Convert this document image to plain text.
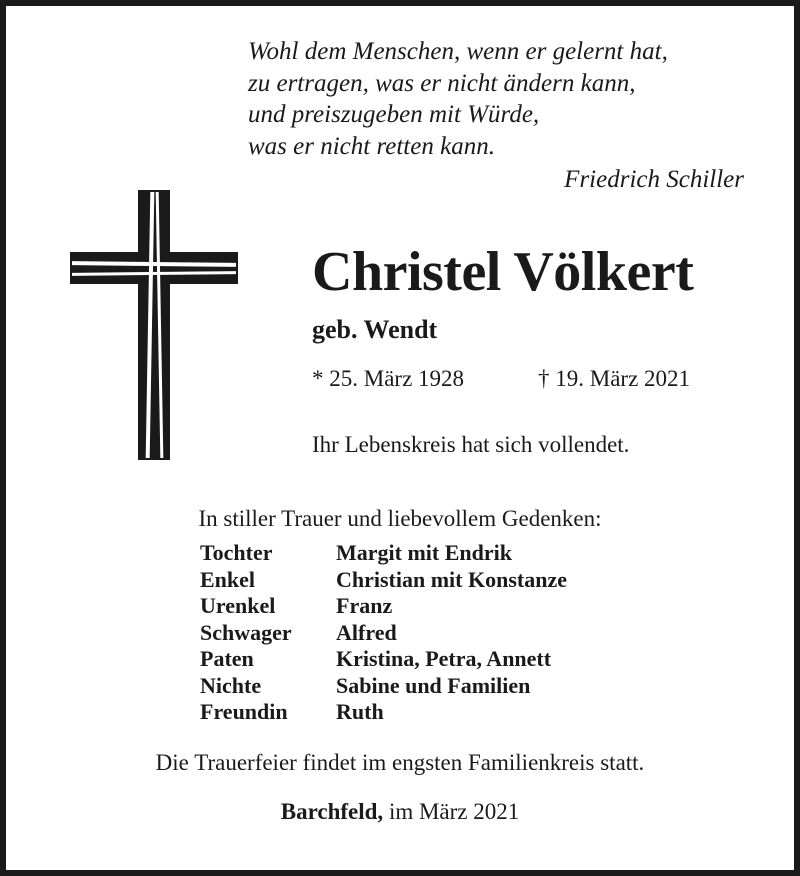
Wohl dem Menschen, wenn er gelernt hat,
zu ertragen, was er nicht ändern kann,
und preiszugeben mit Würde,
was er nicht retten kann.
Friedrich Schiller
Christel Völkert
geb. Wendt
* 25. März 1928	† 19. März 2021
Ihr Lebenskreis hat sich vollendet.
In stiller Trauer und liebevollem Gedenken:
Tochter	Margit mit Endrik
Enkel	Christian mit Konstanze
Urenkel	Franz
Schwager	Alfred
Paten	Kristina, Petra, Annett
Nichte	Sabine und Familien
Freundin	Ruth
Die Trauerfeier findet im engsten Familienkreis statt.
Barchfeld, im März 2021
